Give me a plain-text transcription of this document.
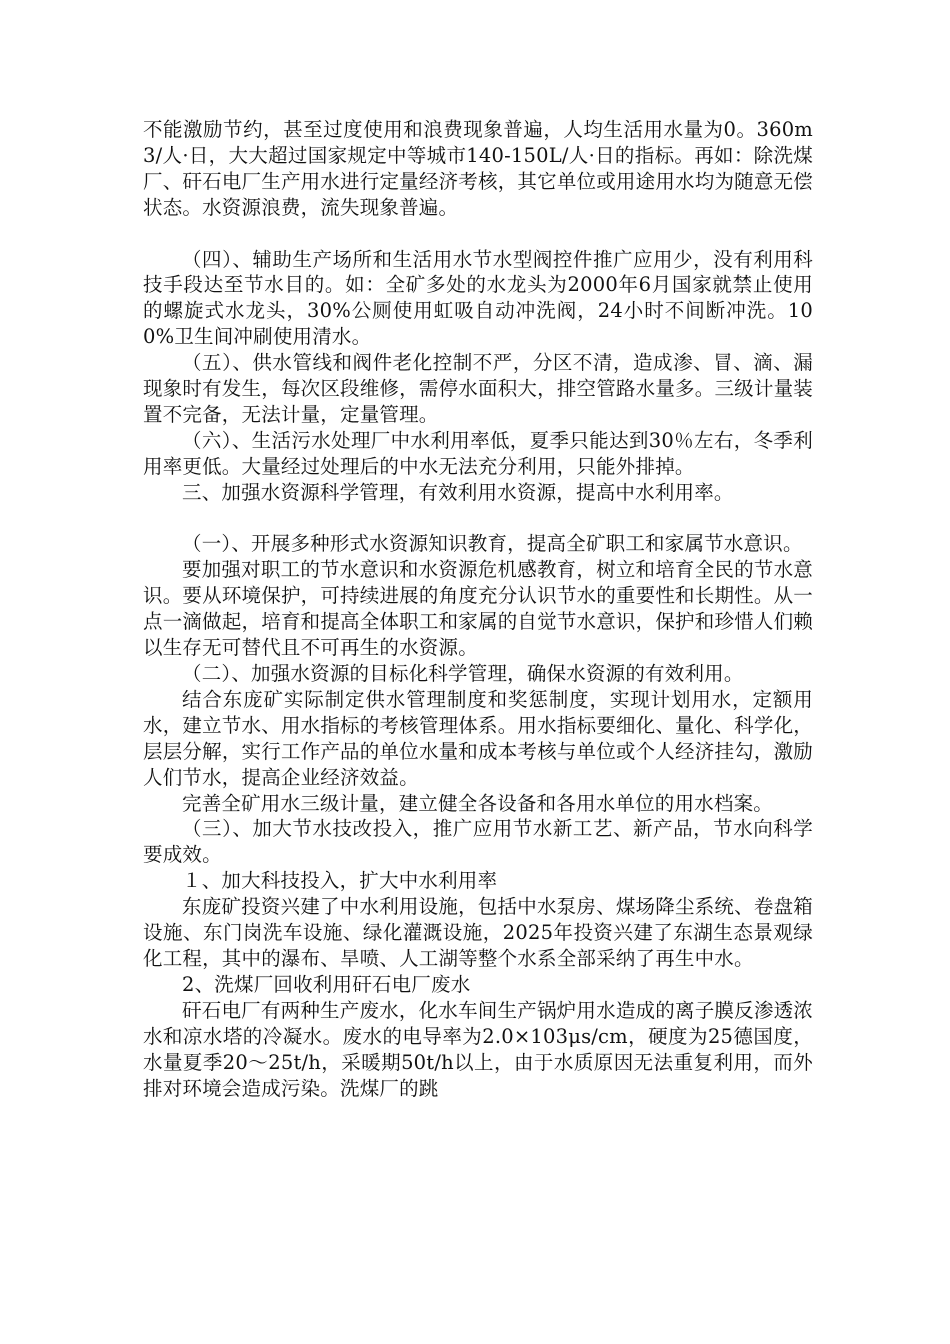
不能激励节约，甚至过度使用和浪费现象普遍，人均生活用水量为0。360m3/人·日，大大超过国家规定中等城市140-150L/人·日的指标。再如：除洗煤厂、矸石电厂生产用水进行定量经济考核，其它单位或用途用水均为随意无偿状态。水资源浪费，流失现象普遍。

（四）、辅助生产场所和生活用水节水型阀控件推广应用少，没有利用科技手段达至节水目的。如：全矿多处的水龙头为2000年6月国家就禁止使用的螺旋式水龙头，30%公厕使用虹吸自动冲洗阀，24小时不间断冲洗。100%卫生间冲刷使用清水。

（五）、供水管线和阀件老化控制不严，分区不清，造成渗、冒、滴、漏现象时有发生，每次区段维修，需停水面积大，排空管路水量多。三级计量装置不完备，无法计量，定量管理。

（六）、生活污水处理厂中水利用率低，夏季只能达到30％左右，冬季利用率更低。大量经过处理后的中水无法充分利用，只能外排掉。

三、加强水资源科学管理，有效利用水资源，提高中水利用率。

（一）、开展多种形式水资源知识教育，提高全矿职工和家属节水意识。

要加强对职工的节水意识和水资源危机感教育，树立和培育全民的节水意识。要从环境保护，可持续进展的角度充分认识节水的重要性和长期性。从一点一滴做起，培育和提高全体职工和家属的自觉节水意识，保护和珍惜人们赖以生存无可替代且不可再生的水资源。

（二）、加强水资源的目标化科学管理，确保水资源的有效利用。

结合东庞矿实际制定供水管理制度和奖惩制度，实现计划用水，定额用水，建立节水、用水指标的考核管理体系。用水指标要细化、量化、科学化，层层分解，实行工作产品的单位水量和成本考核与单位或个人经济挂勾，激励人们节水，提高企业经济效益。

完善全矿用水三级计量，建立健全各设备和各用水单位的用水档案。

（三）、加大节水技改投入，推广应用节水新工艺、新产品，节水向科学要成效。

１、加大科技投入，扩大中水利用率

东庞矿投资兴建了中水利用设施，包括中水泵房、煤场降尘系统、卷盘箱设施、东门岗洗车设施、绿化灌溉设施，2025年投资兴建了东湖生态景观绿化工程，其中的瀑布、旱喷、人工湖等整个水系全部采纳了再生中水。

2、洗煤厂回收利用矸石电厂废水

矸石电厂有两种生产废水，化水车间生产锅炉用水造成的离子膜反渗透浓水和凉水塔的冷凝水。废水的电导率为2.0×103μs/cm，硬度为25德国度，水量夏季20～25t/h，采暖期50t/h以上，由于水质原因无法重复利用，而外排对环境会造成污染。洗煤厂的跳
